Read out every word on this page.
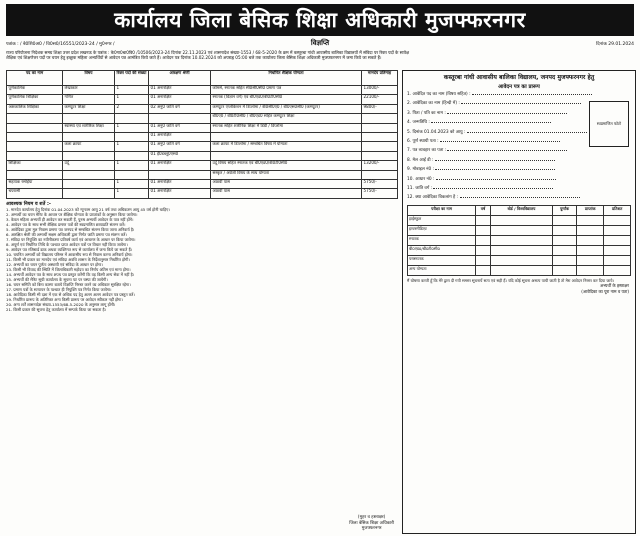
कार्यालय जिला बेसिक शिक्षा अधिकारी मुजफ्फरनगर
पत्रांक : / बे0शि0अ0 / वि0स0/16551/2023-24 / मु0नगर /	दिनांक 29.01.2024
विज्ञप्ति
राज्य परियोजना निदेशक समग्र शिक्षा उत्तर प्रदेश लखनऊ के पत्रांक : के0गा0बा0वि0 /10506/2023-24 दिनांक 22.11.2023 एवं शासनादेश संख्या-1553 / 68-5-2020 के क्रम में कस्तूरबा गांधी आवासीय बालिका विद्यालयों में संविदा पर रिक्त पदों के सापेक्ष
शैक्षिक एवं शिक्षणेत्तर पदों पर चयन हेतु इच्छुक महिला अभ्यर्थियों से आवेदन पत्र आमंत्रित किये जाते हैं। आवेदन पत्र दिनांक 10.02.2024 को अपराह्न 05:00 बजे तक कार्यालय जिला बेसिक शिक्षा अधिकारी मुजफ्फरनगर में जमा किये जा सकते हैं।
पद का नाम	विषय	रिक्त पदों की संख्या	आरक्षण श्रेणी	निर्धारित शैक्षिक योग्यता	मानदेय प्रतिमाह
पूर्णकालिक	लेखाकार	1	01 अनारक्षित	कॉमर्स, स्नातक सहित सी0सी0सी0 प्रमाण पत्र	13000/-
पूर्णकालिक शिक्षिका	गणित	1	01 अनारक्षित	स्नातक (विज्ञान वर्ग) एवं बी0एड0/बी0टी0सी0	22100/-
अंशकालिक शिक्षिका	कम्प्यूटर शिक्षा	2	02 अनु0 जाति वर्ग	कम्प्यूटर एप्लीकेशन में डिप्लोमा / बी0सी0ए0 / बी0एस0सी0 (कम्प्यूटर)	9800/-
				बी0ए0 / बी0टी0सी0 / बी0एड0 सहित कम्प्यूटर शिक्षा	
	स्वास्थ्य एवं शारीरिक शिक्षा	1	01 अनु0 जाति वर्ग	स्नातक सहित शारीरिक शिक्षा में डिग्री / डिप्लोमा	
			01 अनारक्षित		
	कला क्राफ्ट	1	01 अनु0 जाति वर्ग	कला क्राफ्ट में डिप्लोमा / सम्बंधित विषय में योग्यता	
			01 ई0डब्लू0एस0		
शिक्षिका	उर्दू	1	01 अनारक्षित	उर्दू विषय सहित स्नातक एवं बी0एड0/बी0टी0सी0	13200/-
				संस्कृत / अंग्रेजी विषय के साथ योग्यता	
सहायक रसोईया		1	01 अनारक्षित	आठवीं पास	5750/-
चपरासी		1	01 अनारक्षित	आठवीं पास	5750/-
आवश्यक नियम व शर्ते :-
1. मानदेय कार्यालय हेतु दिनांक 01.04.2023 को न्यूनतम आयु 21 वर्ष तथा अधिकतम आयु 45 वर्ष होनी चाहिए।
2. अभ्यर्थी का चयन मेरिट के आधार पर शैक्षिक योग्यता के प्राप्तांकों के अनुसार किया जायेगा।
3. केवल महिला अभ्यर्थी ही आवेदन कर सकती हैं, पुरुष अभ्यर्थी आवेदन के पात्र नहीं होंगे।
4. आवेदन पत्र के साथ सभी शैक्षिक प्रमाण पत्रों की स्वप्रमाणित छायाप्रति संलग्न करें।
5. आवेदिका द्वारा मूल निवास प्रमाण पत्र जनपद से सम्बंधित संलग्न किया जाना अनिवार्य है।
6. आरक्षित श्रेणी की अभ्यर्थी सक्षम अधिकारी द्वारा निर्गत जाति प्रमाण पत्र संलग्न करें।
7. संविदा पर नियुक्ति का नवीनीकरण प्रतिवर्ष कार्य एवं आचरण के आधार पर किया जायेगा।
8. अपूर्ण एवं निर्धारित तिथि के पश्चात प्राप्त आवेदन पत्रों पर विचार नहीं किया जायेगा।
9. आवेदन पत्र रजिस्टर्ड डाक अथवा व्यक्तिगत रूप से कार्यालय में जमा किये जा सकते हैं।
10. चयनित अभ्यर्थी को विद्यालय परिसर में आवासीय रूप से निवास करना अनिवार्य होगा।
11. किसी भी प्रकार का मानदेय एवं संविदा अवधि शासन के निर्देशानुसार निर्धारित होगी।
12. अभ्यर्थी का चयन पूर्णतः अस्थायी एवं संविदा के आधार पर होगा।
13. किसी भी विवाद की स्थिति में जिलाधिकारी महोदय का निर्णय अंतिम एवं मान्य होगा।
14. अभ्यर्थी आवेदन पत्र के साथ शपथ पत्र प्रस्तुत करेंगी कि वह किसी अन्य सेवा में नहीं है।
15. अभ्यर्थी की मेरिट सूची कार्यालय के सूचना पट पर चस्पा की जायेगी।
16. चयन समिति को बिना कारण बताये विज्ञप्ति निरस्त करने का अधिकार सुरक्षित रहेगा।
17. प्रमाण पत्रों के सत्यापन के पश्चात ही नियुक्ति पत्र निर्गत किया जायेगा।
18. आवेदिका किसी भी दशा में एक से अधिक पद हेतु अलग अलग आवेदन पत्र प्रस्तुत करें।
19. निर्धारित प्रारूप के अतिरिक्त अन्य किसी प्रारूप पर आवेदन स्वीकार नहीं होगा।
20. अन्य शर्तें शासनादेश संख्या-1553/68-5-2020 के अनुसार लागू होंगी।
21. किसी प्रकार की सूचना हेतु कार्यालय में सम्पर्क किया जा सकता है।
(मुहर व हस्ताक्षर)
जिला बेसिक शिक्षा अधिकारी
मुजफ्फरनगर
कस्तूरबा गांधी आवासीय बालिका विद्यालय, जनपद मुजफ्फरनगर हेतु
आवेदन पत्र का प्रारूप
स्वप्रमाणित फोटो
1. आवेदित पद का नाम (विषय सहित) :
2. आवेदिका का नाम (हिन्दी में) :
3. पिता / पति का नाम :
4. जन्मतिथि :
5. दिनांक 01.04.2023 को आयु :
6. पूर्ण स्थायी पता :
7. पत्र व्यवहार का पता :
8. मेल आई डी :
9. मोबाइल नं0 :
10. आधार नं0 :
11. जाति वर्ग :
12. क्या आवेदिका विकलांग है :
परीक्षा का नाम	वर्ष	बोर्ड / विश्वविद्यालय	पूर्णांक	प्राप्तांक	प्रतिशत
हाईस्कूल					
इण्टरमीडिएट					
स्नातक					
बी0एड0/बी0टी0सी0					
परास्नातक					
अन्य योग्यता					
मैं घोषणा करती हूँ कि मेरे द्वारा दी गयी समस्त सूचनायें सत्य एवं सही हैं। यदि कोई सूचना असत्य पायी जाती है तो मेरा आवेदन निरस्त कर दिया जाये।
अभ्यर्थी के हस्ताक्षर
(आवेदिका का पूरा नाम व पता)
